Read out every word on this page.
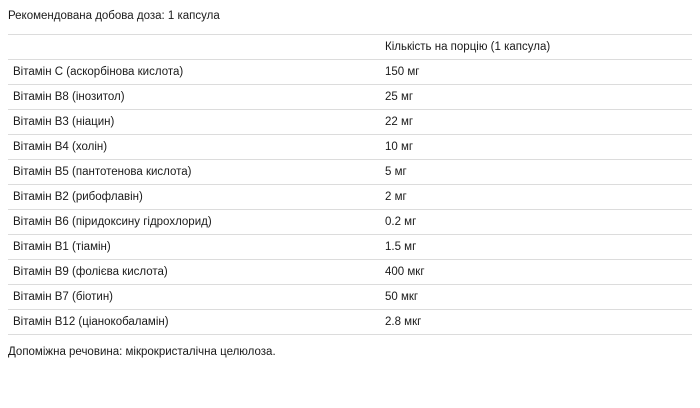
Рекомендована добова доза: 1 капсула
	Кількість на порцію (1 капсула)
Вітамін С (аскорбінова кислота)	150 мг
Вітамін В8 (інозитол)	25 мг
Вітамін В3 (ніацин)	22 мг
Вітамін В4 (холін)	10 мг
Вітамін В5 (пантотенова кислота)	5 мг
Вітамін В2 (рибофлавін)	2 мг
Вітамін В6 (піридоксину гідрохлорид)	0.2 мг
Вітамін В1 (тіамін)	1.5 мг
Вітамін В9 (фолієва кислота)	400 мкг
Вітамін В7 (біотин)	50 мкг
Вітамін В12 (ціанокобаламін)	2.8 мкг
Допоміжна речовина: мікрокристалічна целюлоза.
